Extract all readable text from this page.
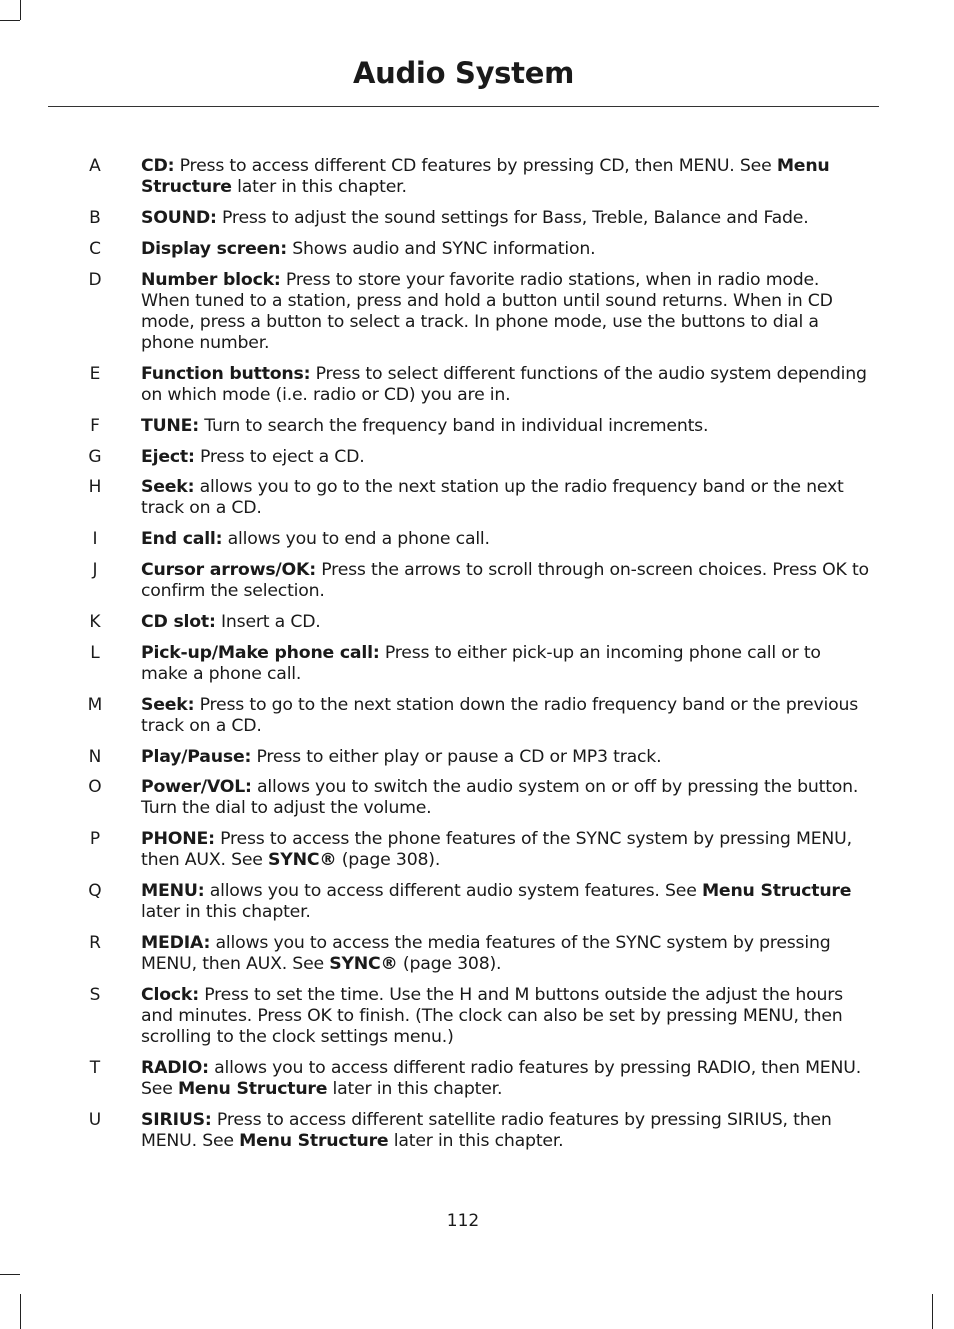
Audio System
A	CD: Press to access different CD features by pressing CD, then MENU. See Menu Structure later in this chapter.
B	SOUND: Press to adjust the sound settings for Bass, Treble, Balance and Fade.
C	Display screen: Shows audio and SYNC information.
D	Number block: Press to store your favorite radio stations, when in radio mode. When tuned to a station, press and hold a button until sound returns. When in CD mode, press a button to select a track. In phone mode, use the buttons to dial a phone number.
E	Function buttons: Press to select different functions of the audio system depending on which mode (i.e. radio or CD) you are in.
F	TUNE: Turn to search the frequency band in individual increments.
G	Eject: Press to eject a CD.
H	Seek: allows you to go to the next station up the radio frequency band or the next track on a CD.
I	End call: allows you to end a phone call.
J	Cursor arrows/OK: Press the arrows to scroll through on-screen choices. Press OK to confirm the selection.
K	CD slot: Insert a CD.
L	Pick-up/Make phone call: Press to either pick-up an incoming phone call or to make a phone call.
M	Seek: Press to go to the next station down the radio frequency band or the previous track on a CD.
N	Play/Pause: Press to either play or pause a CD or MP3 track.
O	Power/VOL: allows you to switch the audio system on or off by pressing the button. Turn the dial to adjust the volume.
P	PHONE: Press to access the phone features of the SYNC system by pressing MENU, then AUX. See SYNC® (page 308).
Q	MENU: allows you to access different audio system features. See Menu Structure later in this chapter.
R	MEDIA: allows you to access the media features of the SYNC system by pressing MENU, then AUX. See SYNC® (page 308).
S	Clock: Press to set the time. Use the H and M buttons outside the adjust the hours and minutes. Press OK to finish. (The clock can also be set by pressing MENU, then scrolling to the clock settings menu.)
T	RADIO: allows you to access different radio features by pressing RADIO, then MENU. See Menu Structure later in this chapter.
U	SIRIUS: Press to access different satellite radio features by pressing SIRIUS, then MENU. See Menu Structure later in this chapter.
112
